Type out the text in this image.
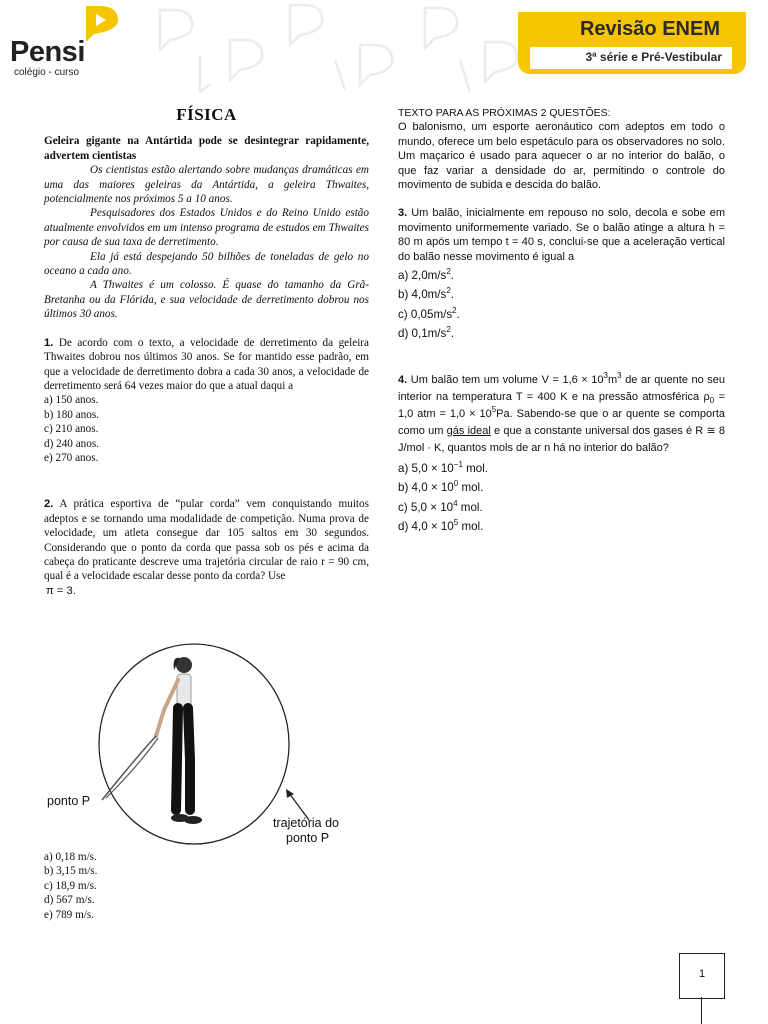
Pensi
colégio - curso
Revisão ENEM
3ª série e Pré-Vestibular
FÍSICA

Geleira gigante na Antártida pode se desintegrar rapidamente, advertem cientistas

Os cientistas estão alertando sobre mudanças dramáticas em uma das maiores geleiras da Antártida, a geleira Thwaites, potencialmente nos próximos 5 a 10 anos.

Pesquisadores dos Estados Unidos e do Reino Unido estão atualmente envolvidos em um intenso programa de estudos em Thwaites por causa de sua taxa de derretimento.

Ela já está despejando 50 bilhões de toneladas de gelo no oceano a cada ano.

A Thwaites é um colosso. É quase do tamanho da Grã-Bretanha ou da Flórida, e sua velocidade de derretimento dobrou nos últimos 30 anos.

1. De acordo com o texto, a velocidade de derretimento da geleira Thwaites dobrou nos últimos 30 anos. Se for mantido esse padrão, em que a velocidade de derretimento dobra a cada 30 anos, a velocidade de derretimento será 64 vezes maior do que a atual daqui a

a) 150 anos.
b) 180 anos.
c) 210 anos.
d) 240 anos.
e) 270 anos.

2. A prática esportiva de “pular corda” vem conquistando muitos adeptos e se tornando uma modalidade de competição. Numa prova de velocidade, um atleta consegue dar 105 saltos em 30 segundos. Considerando que o ponto da corda que passa sob os pés e acima da cabeça do praticante descreve uma trajetória circular de raio r = 90 cm, qual é a velocidade escalar desse ponto da corda? Use

π = 3.

ponto P
trajetória do
ponto P
a) 0,18 m/s.
b) 3,15 m/s.
c) 18,9 m/s.
d) 567 m/s.
e) 789 m/s.

TEXTO PARA AS PRÓXIMAS 2 QUESTÕES:

O balonismo, um esporte aeronáutico com adeptos em todo o mundo, oferece um belo espetáculo para os observadores no solo. Um maçarico é usado para aquecer o ar no interior do balão, o que faz variar a densidade do ar, permitindo o controle do movimento de subida e descida do balão.

3. Um balão, inicialmente em repouso no solo, decola e sobe em movimento uniformemente variado. Se o balão atinge a altura h = 80 m após um tempo t = 40 s, conclui-se que a aceleração vertical do balão nesse movimento é igual a

a) $2,0m/s^2$.

b) $4,0m/s^2$.

c) $0,05m/s^2$.

d) $0,1m/s^2$.

4. Um balão tem um volume $V = 1,6 \times 10^3m^3$ de ar quente no seu interior na temperatura T = 400 K e na pressão atmosférica $\rho_0 = 1,0$ atm = $1,0 \times 10^5Pa$. Sabendo-se que o ar quente se comporta como um gás ideal e que a constante universal dos gases é R ≅ 8 J/mol · K, quantos mols de ar n há no interior do balão?

a) $5,0 \times 10^{-1}$ mol.

b) $4,0 \times 10^0$ mol.

c) $5,0 \times 10^4$ mol.

d) $4,0 \times 10^5$ mol.

1
